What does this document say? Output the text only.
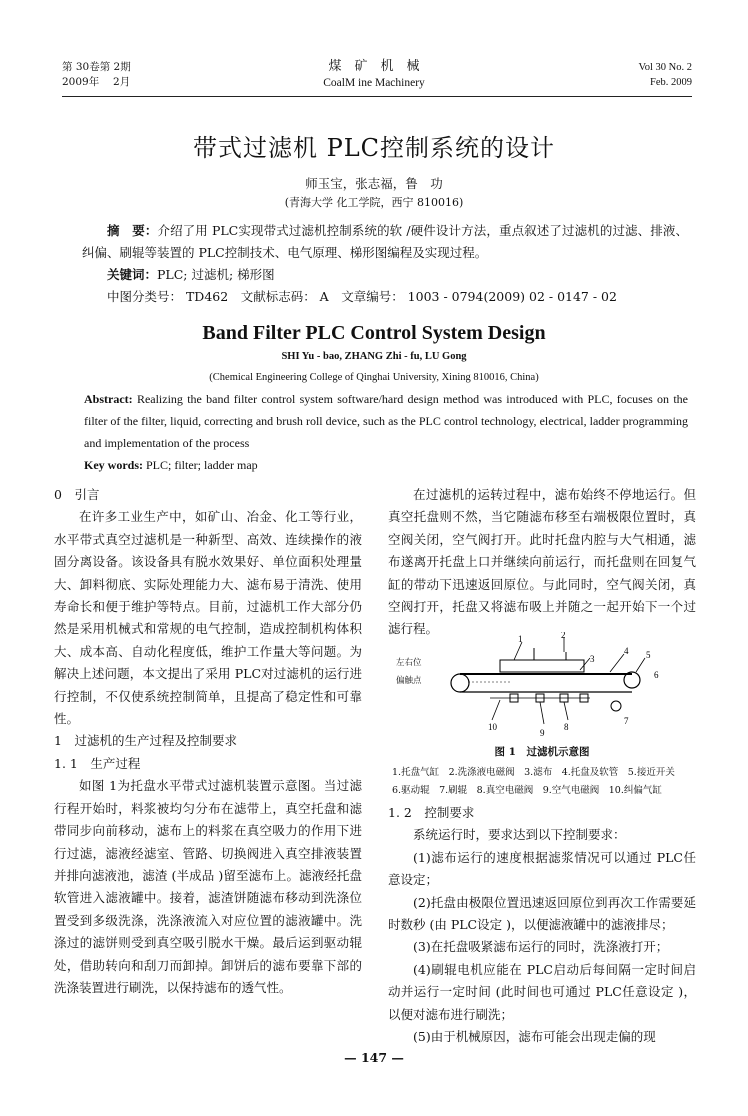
第 30卷第 2期
2009年　 2月
煤　矿　机　械
CoalM ine Machinery
Vol 30 No. 2
Feb. 2009
带式过滤机 PLC控制系统的设计
师玉宝，张志福，鲁　功
(青海大学 化工学院，西宁 810016)
摘　要：介绍了用 PLC实现带式过滤机控制系统的软 /硬件设计方法，重点叙述了过滤机的过滤、排液、纠偏、刷辊等装置的 PLC控制技术、电气原理、梯形图编程及实现过程。
关键词：PLC; 过滤机; 梯形图
中图分类号： TD462　文献标志码： A　文章编号： 1003 - 0794(2009) 02 - 0147 - 02
Band Filter PLC Control System Design
SHI Yu - bao, ZHANG Zhi - fu, LU Gong
(Chemical Engineering College of Qinghai University, Xining 810016, China)
Abstract: Realizing the band filter control system software/hard design method was introduced with PLC, focuses on the filter of the filter, liquid, correcting and brush roll device, such as the PLC control technology, electrical, ladder programming and implementation of the process
Key words: PLC; filter; ladder map

0　引言

在许多工业生产中，如矿山、冶金、化工等行业，水平带式真空过滤机是一种新型、高效、连续操作的液固分离设备。该设备具有脱水效果好、单位面积处理量大、卸料彻底、实际处理能力大、滤布易于清洗、使用寿命长和便于维护等特点。目前，过滤机工作大部分仍然是采用机械式和常规的电气控制，造成控制机构体积大、成本高、自动化程度低，维护工作量大等问题。为解决上述问题，本文提出了采用 PLC对过滤机的运行进行控制，不仅使系统控制简单，且提高了稳定性和可靠性。

1　过滤机的生产过程及控制要求

1. 1　生产过程

如图 1为托盘水平带式过滤机装置示意图。当过滤行程开始时，料浆被均匀分布在滤带上，真空托盘和滤带同步向前移动，滤布上的料浆在真空吸力的作用下进行过滤，滤液经滤室、管路、切换阀进入真空排液装置并排向滤液池，滤渣 (半成品 )留至滤布上。滤液经托盘软管进入滤液罐中。接着，滤渣饼随滤布移动到洗涤位置受到多级洗涤，洗涤液流入对应位置的滤液罐中。洗涤过的滤饼则受到真空吸引脱水干燥。最后运到驱动辊处，借助转向和刮刀而卸掉。卸饼后的滤布要靠下部的洗涤装置进行刷洗，以保持滤布的透气性。

在过滤机的运转过程中，滤布始终不停地运行。但真空托盘则不然，当它随滤布移至右端极限位置时，真空阀关闭，空气阀打开。此时托盘内腔与大气相通，滤布遂离开托盘上口并继续向前运行，而托盘则在回复气缸的带动下迅速返回原位。与此同时，空气阀关闭，真空阀打开，托盘又将滤布吸上并随之一起开始下一个过滤行程。

1	2
3
4 5
6
7
8
9
10
左右位
偏触点
图 1　过滤机示意图
1.托盘气缸　2.洗涤液电磁阀　3.滤布　4.托盘及软管　5.接近开关
6.驱动辊　7.刷辊　8.真空电磁阀　9.空气电磁阀　10.纠偏气缸

1. 2　控制要求

系统运行时，要求达到以下控制要求：

(1)滤布运行的速度根据滤浆情况可以通过 PLC任意设定；

(2)托盘由极限位置迅速返回原位到再次工作需要延时数秒 (由 PLC设定 )，以便滤液罐中的滤液排尽；

(3)在托盘吸紧滤布运行的同时，洗涤液打开；

(4)刷辊电机应能在 PLC启动后每间隔一定时间启动并运行一定时间 (此时间也可通过 PLC任意设定 )，以便对滤布进行刷洗；

(5)由于机械原因，滤布可能会出现走偏的现

— 147 —
